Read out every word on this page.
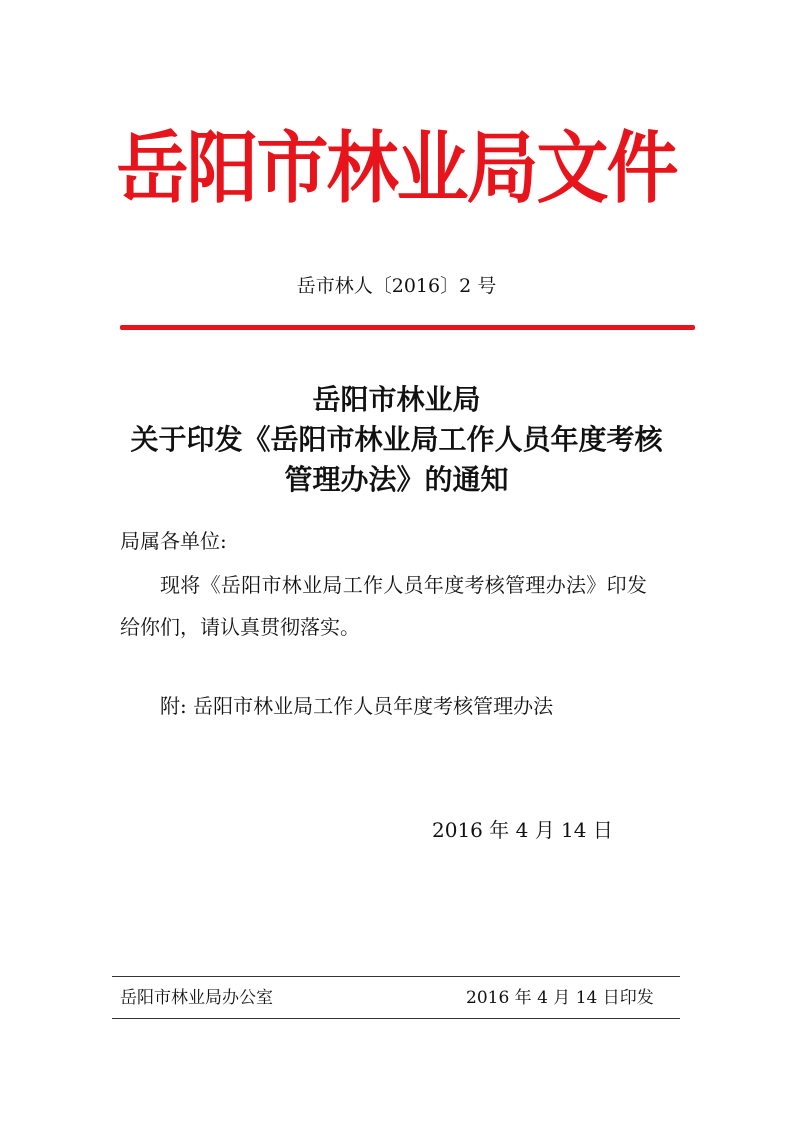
岳阳市林业局文件
岳市林人〔2016〕2 号
岳阳市林业局
关于印发《岳阳市林业局工作人员年度考核
管理办法》的通知
局属各单位:
现将《岳阳市林业局工作人员年度考核管理办法》印发
给你们，请认真贯彻落实。
附: 岳阳市林业局工作人员年度考核管理办法
2016 年 4 月 14 日
岳阳市林业局办公室	2016 年 4 月 14 日印发
